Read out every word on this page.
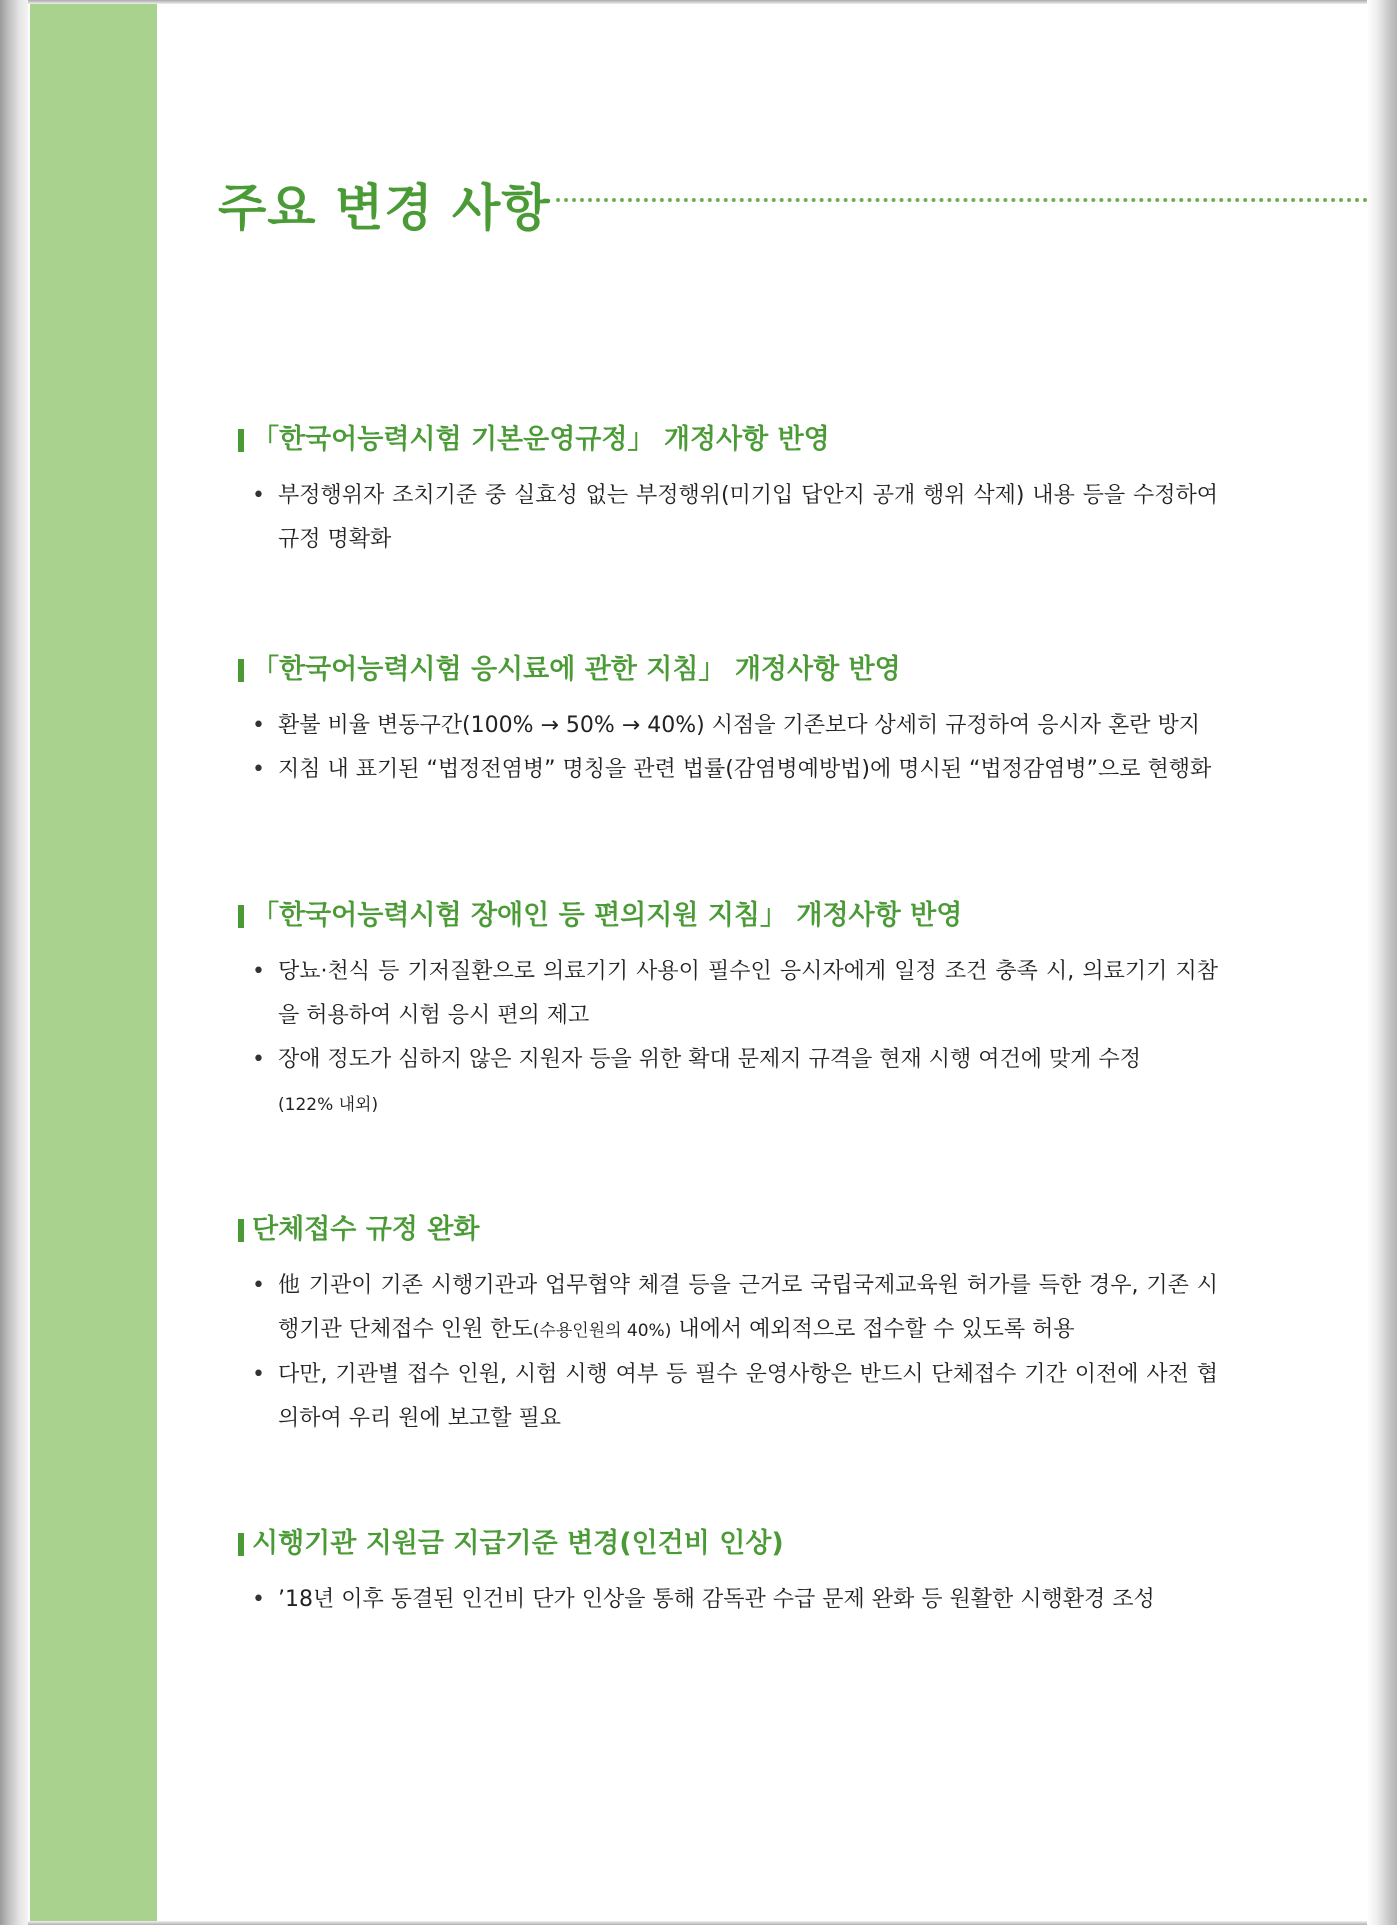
주요 변경 사항
「한국어능력시험 기본운영규정」 개정사항 반영
• 부정행위자 조치기준 중 실효성 없는 부정행위(미기입 답안지 공개 행위 삭제) 내용 등을 수정하여 규정 명확화
「한국어능력시험 응시료에 관한 지침」 개정사항 반영
• 환불 비율 변동구간(100% → 50% → 40%) 시점을 기존보다 상세히 규정하여 응시자 혼란 방지
• 지침 내 표기된 “법정전염병” 명칭을 관련 법률(감염병예방법)에 명시된 “법정감염병”으로 현행화
「한국어능력시험 장애인 등 편의지원 지침」 개정사항 반영
• 당뇨·천식 등 기저질환으로 의료기기 사용이 필수인 응시자에게 일정 조건 충족 시, 의료기기 지참을 허용하여 시험 응시 편의 제고
• 장애 정도가 심하지 않은 지원자 등을 위한 확대 문제지 규격을 현재 시행 여건에 맞게 수정
(122% 내외)
단체접수 규정 완화
• 他 기관이 기존 시행기관과 업무협약 체결 등을 근거로 국립국제교육원 허가를 득한 경우, 기존 시행기관 단체접수 인원 한도(수용인원의 40%) 내에서 예외적으로 접수할 수 있도록 허용
• 다만, 기관별 접수 인원, 시험 시행 여부 등 필수 운영사항은 반드시 단체접수 기간 이전에 사전 협의하여 우리 원에 보고할 필요
시행기관 지원금 지급기준 변경(인건비 인상)
• ’18년 이후 동결된 인건비 단가 인상을 통해 감독관 수급 문제 완화 등 원활한 시행환경 조성
